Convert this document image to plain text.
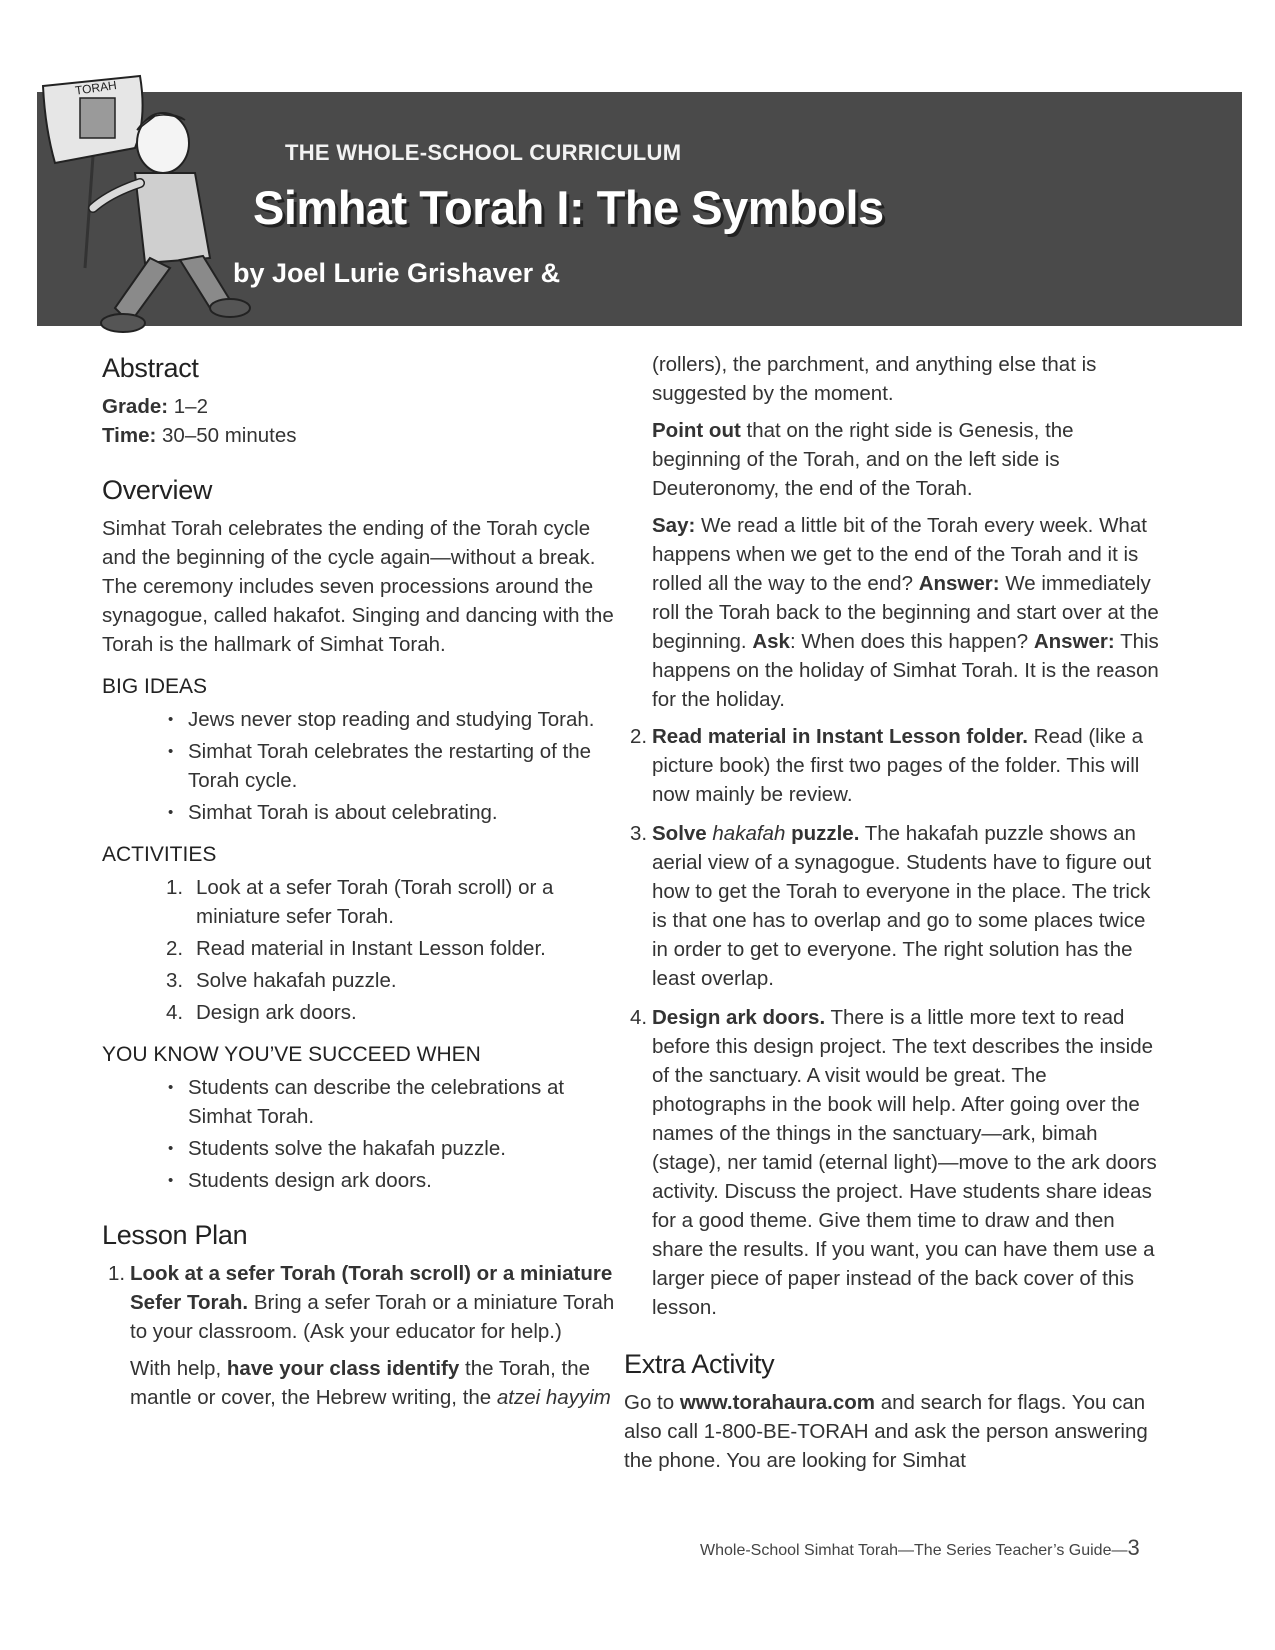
TORAH
THE WHOLE-SCHOOL CURRICULUM
Simhat Torah I: The Symbols
by Joel Lurie Grishaver &
Abstract
Grade: 1–2
Time: 30–50 minutes
Overview

Simhat Torah celebrates the ending of the Torah cycle and the beginning of the cycle again—without a break. The ceremony includes seven processions around the synagogue, called hakafot. Singing and dancing with the Torah is the hallmark of Simhat Torah.

BIG IDEAS
• Jews never stop reading and studying Torah.
• Simhat Torah celebrates the restarting of the Torah cycle.
• Simhat Torah is about celebrating.
ACTIVITIES
1. Look at a sefer Torah (Torah scroll) or a miniature sefer Torah.
2. Read material in Instant Lesson folder.
3. Solve hakafah puzzle.
4. Design ark doors.
YOU KNOW YOU’VE SUCCEED WHEN
• Students can describe the celebrations at Simhat Torah.
• Students solve the hakafah puzzle.
• Students design ark doors.
Lesson Plan
1. Look at a sefer Torah (Torah scroll) or a miniature Sefer Torah. Bring a sefer Torah or a miniature Torah to your classroom. (Ask your educator for help.)

With help, have your class identify the Torah, the mantle or cover, the Hebrew writing, the atzei hayyim

(rollers), the parchment, and anything else that is suggested by the moment.

Point out that on the right side is Genesis, the beginning of the Torah, and on the left side is Deuteronomy, the end of the Torah.

Say: We read a little bit of the Torah every week. What happens when we get to the end of the Torah and it is rolled all the way to the end? Answer: We immediately roll the Torah back to the beginning and start over at the beginning. Ask: When does this happen? Answer: This happens on the holiday of Simhat Torah. It is the reason for the holiday.

2. Read material in Instant Lesson folder. Read (like a picture book) the first two pages of the folder. This will now mainly be review.

3. Solve hakafah puzzle. The hakafah puzzle shows an aerial view of a synagogue. Students have to figure out how to get the Torah to everyone in the place. The trick is that one has to overlap and go to some places twice in order to get to everyone. The right solution has the least overlap.

4. Design ark doors. There is a little more text to read before this design project. The text describes the inside of the sanctuary. A visit would be great. The photographs in the book will help. After going over the names of the things in the sanctuary—ark, bimah (stage), ner tamid (eternal light)—move to the ark doors activity. Discuss the project. Have students share ideas for a good theme. Give them time to draw and then share the results. If you want, you can have them use a larger piece of paper instead of the back cover of this lesson.

Extra Activity

Go to www.torahaura.com and search for flags. You can also call 1-800-BE-TORAH and ask the person answering the phone. You are looking for Simhat

Whole-School Simhat Torah—The Series Teacher’s Guide—3
